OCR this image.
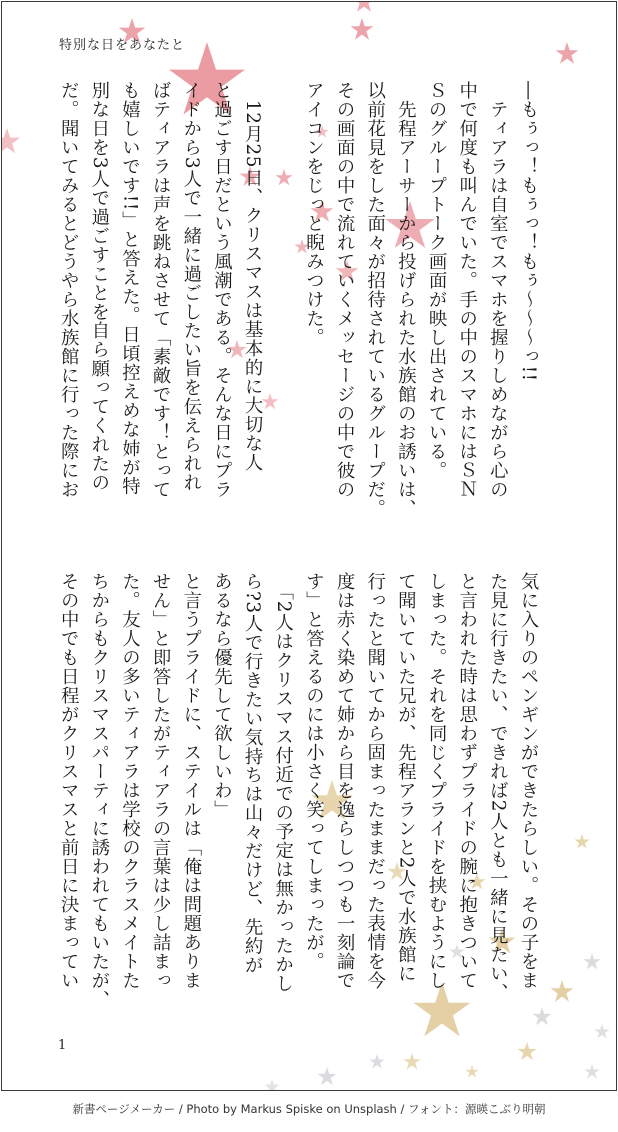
特別な日をあなたと
―もぅっ！もぅっ！もぅ〜〜〜っ!!
　ティアラは自室でスマホを握りしめながら心の
中で何度も叫んでいた。手の中のスマホにはＳＮ
Ｓのグループトーク画面が映し出されている。
　先程アーサーから投げられた水族館のお誘いは、
以前花見をした面々が招待されているグループだ。
その画面の中で流れていくメッセージの中で彼の
アイコンをじっと睨みつけた。
　12月25日、クリスマスは基本的に大切な人
と過ごす日だという風潮である。そんな日にプラ
イドから3人で一緒に過ごしたい旨を伝えられれ
ばティアラは声を跳ねさせて「素敵です！とって
も嬉しいです!!」と答えた。日頃控えめな姉が特
別な日を3人で過ごすことを自ら願ってくれたの
だ。聞いてみるとどうやら水族館に行った際にお
気に入りのペンギンができたらしい。その子をま
た見に行きたい、できれば2人とも一緒に見たい、
と言われた時は思わずプライドの腕に抱きついて
しまった。それを同じくプライドを挟むようにし
て聞いていた兄が、先程アランと2人で水族館に
行ったと聞いてから固まったままだった表情を今
度は赤く染めて姉から目を逸らしつつも一刻論で
す」と答えるのには小さく笑ってしまったが。
　「2人はクリスマス付近での予定は無かったかし
ら?3人で行きたい気持ちは山々だけど、先約が
あるなら優先して欲しいわ」
と言うプライドに、ステイルは「俺は問題ありま
せん」と即答したがティアラの言葉は少し詰まっ
た。友人の多いティアラは学校のクラスメイトた
ちからもクリスマスパーティに誘われてもいたが、
その中でも日程がクリスマスと前日に決まってい
1
新書ページメーカー / Photo by Markus Spiske on Unsplash / フォント：源暎こぶり明朝
